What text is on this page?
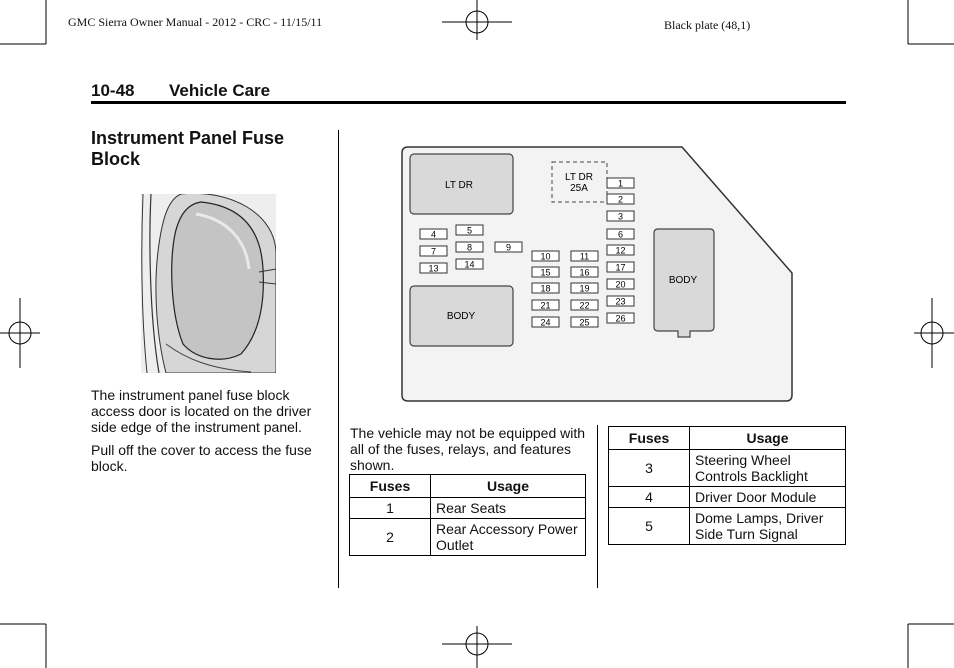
GMC Sierra Owner Manual - 2012 - CRC - 11/15/11	Black plate (48,1)
10-48 Vehicle Care
Instrument Panel Fuse
Block
The instrument panel fuse block access door is located on the driver side edge of the instrument panel.
Pull off the cover to access the fuse block.
LT DR
LT DR
25A
BODY
BODY
4	5
7	8	9
13	14
10	11
15	16
18	19
21	22
24	25
1
2
3
6
12
17
20
23
26
The vehicle may not be equipped with all of the fuses, relays, and features shown.
Fuses	Usage
1	Rear Seats
2	Rear Accessory Power Outlet
Fuses	Usage
3	Steering Wheel Controls Backlight
4	Driver Door Module
5	Dome Lamps, Driver Side Turn Signal
